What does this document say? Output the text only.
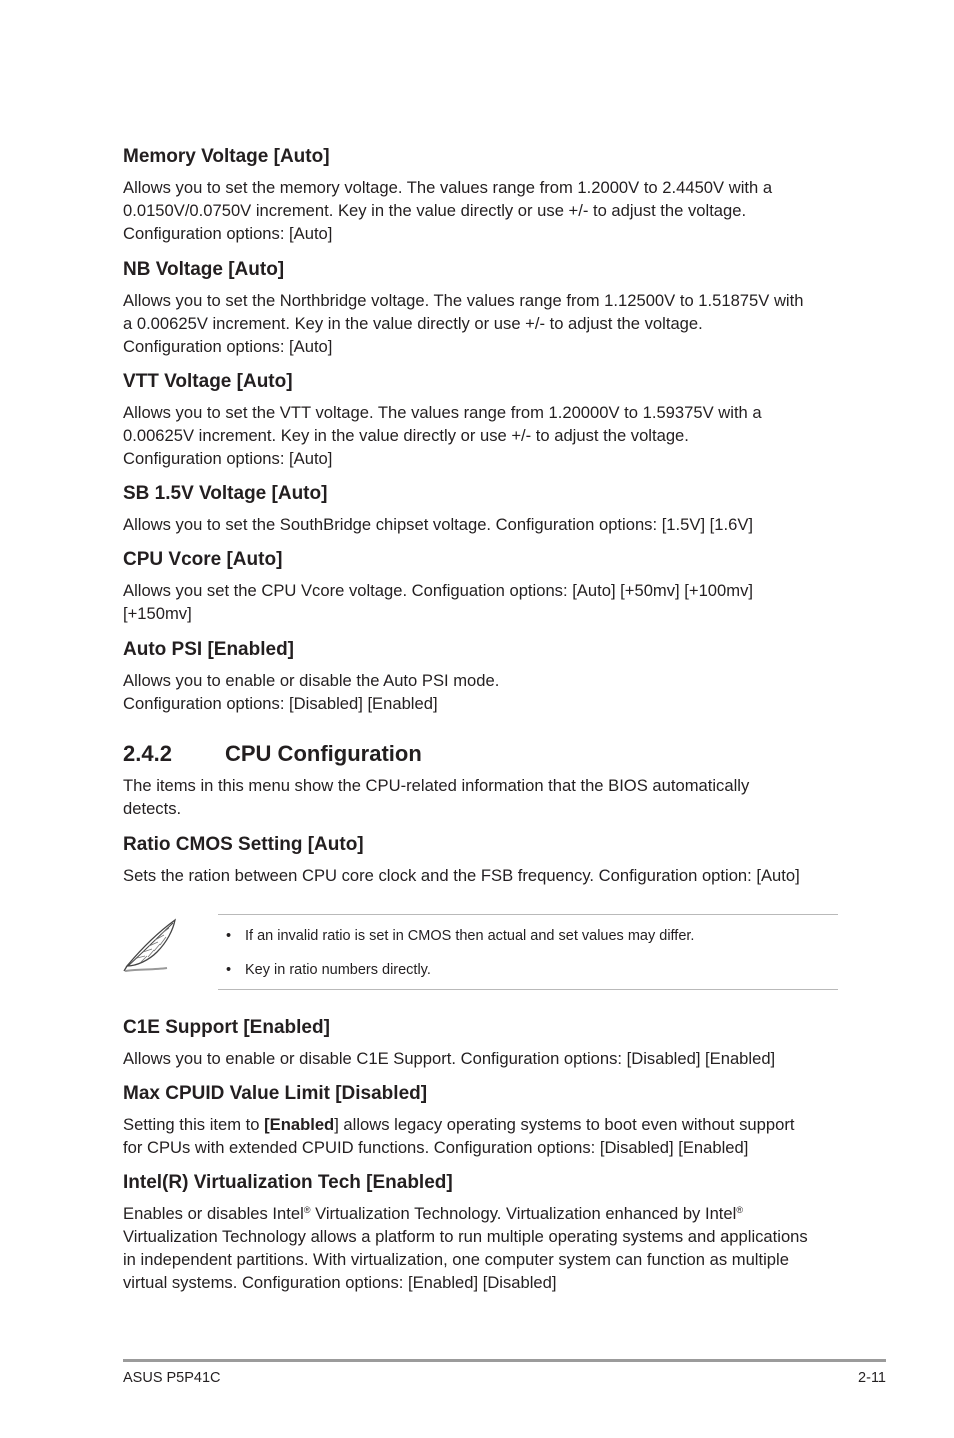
Memory Voltage [Auto]
Allows you to set the memory voltage. The values range from 1.2000V to 2.4450V with a
0.0150V/0.0750V increment. Key in the value directly or use +/- to adjust the voltage.
Configuration options: [Auto]
NB Voltage [Auto]
Allows you to set the Northbridge voltage. The values range from 1.12500V to 1.51875V with
a 0.00625V increment. Key in the value directly or use +/- to adjust the voltage.
Configuration options: [Auto]
VTT Voltage [Auto]
Allows you to set the VTT voltage. The values range from 1.20000V to 1.59375V with a
0.00625V increment. Key in the value directly or use +/- to adjust the voltage.
Configuration options: [Auto]
SB 1.5V Voltage [Auto]
Allows you to set the SouthBridge chipset voltage. Configuration options: [1.5V] [1.6V]
CPU Vcore [Auto]
Allows you set the CPU Vcore voltage. Configuation options: [Auto] [+50mv] [+100mv]
[+150mv]
Auto PSI [Enabled]
Allows you to enable or disable the Auto PSI mode.
Configuration options: [Disabled] [Enabled]
2.4.2 CPU Configuration
The items in this menu show the CPU-related information that the BIOS automatically
detects.
Ratio CMOS Setting [Auto]
Sets the ration between CPU core clock and the FSB frequency. Configuration option: [Auto]
• If an invalid ratio is set in CMOS then actual and set values may differ.
• Key in ratio numbers directly.
C1E Support [Enabled]
Allows you to enable or disable C1E Support. Configuration options: [Disabled] [Enabled]
Max CPUID Value Limit [Disabled]
Setting this item to [Enabled] allows legacy operating systems to boot even without support
for CPUs with extended CPUID functions. Configuration options: [Disabled] [Enabled]
Intel(R) Virtualization Tech [Enabled]
Enables or disables Intel® Virtualization Technology. Virtualization enhanced by Intel®
Virtualization Technology allows a platform to run multiple operating systems and applications
in independent partitions. With virtualization, one computer system can function as multiple
virtual systems. Configuration options: [Enabled] [Disabled]
ASUS P5P41C	2-11
